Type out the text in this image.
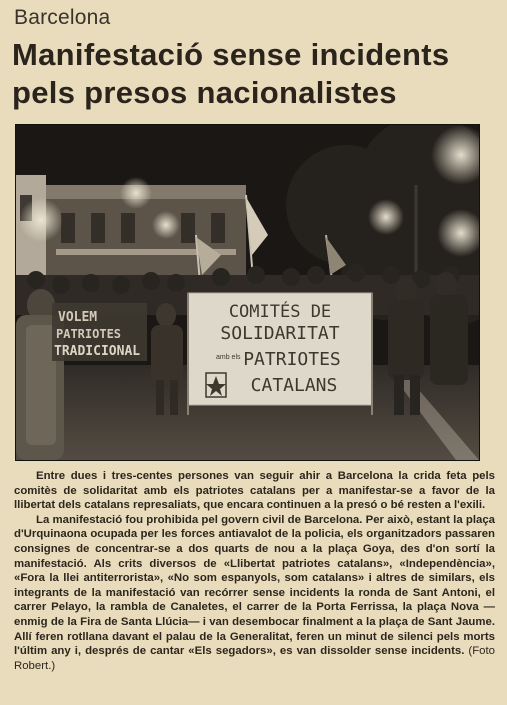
Barcelona
Manifestació sense incidents pels presos nacionalistes
VOLEM
PATRIOTES
TRADICIONAL
COMITÉS DE
SOLIDARITAT
amb els PATRIOTES
CATALANS

Entre dues i tres-centes persones van seguir ahir a Barcelona la crida feta pels comitès de solidaritat amb els patriotes catalans per a manifestar-se a favor de la llibertat dels catalans represaliats, que encara continuen a la presó o bé resten a l'exili.

La manifestació fou prohibida pel govern civil de Barcelona. Per això, estant la plaça d'Urquinaona ocupada per les forces antiavalot de la policia, els organitzadors passaren consignes de concentrar-se a dos quarts de nou a la plaça Goya, des d'on sortí la manifestació. Als crits diversos de «Llibertat patriotes catalans», «Independència», «Fora la llei antiterrorista», «No som espanyols, som catalans» i altres de similars, els integrants de la manifestació van recórrer sense incidents la ronda de Sant Antoni, el carrer Pelayo, la rambla de Canaletes, el carrer de la Porta Ferrissa, la plaça Nova —enmig de la Fira de Santa Llúcia— i van desembocar finalment a la plaça de Sant Jaume. Allí feren rotllana davant el palau de la Generalitat, feren un minut de silenci pels morts l'últim any i, després de cantar «Els segadors», es van dissolder sense incidents. (Foto Robert.)
